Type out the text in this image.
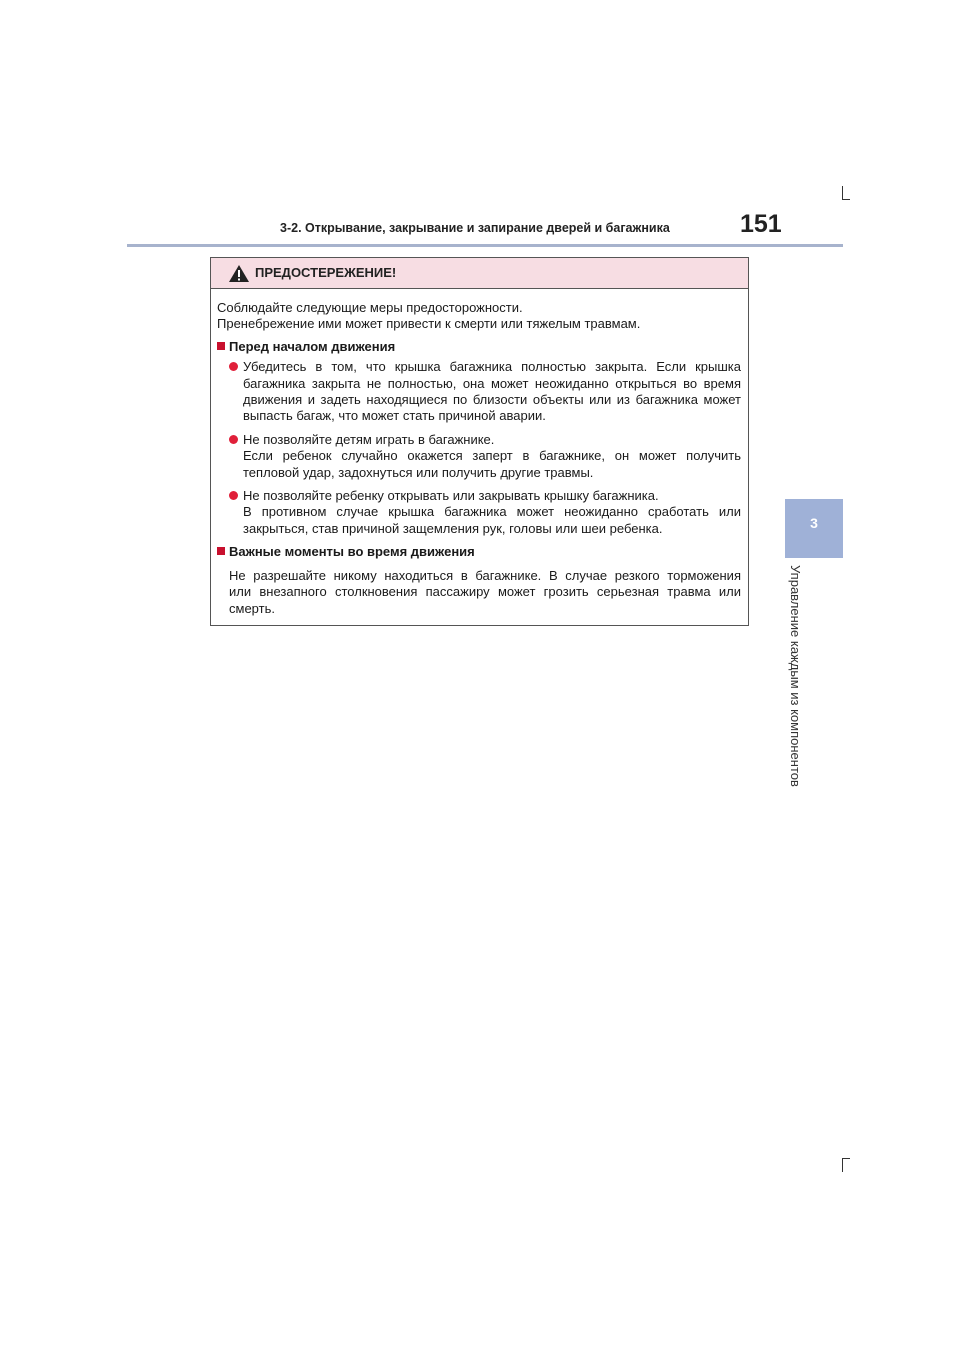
3-2. Открывание, закрывание и запирание дверей и багажника	151
3
Управление каждым из компонентов
ПРЕДОСТЕРЕЖЕНИЕ!

Соблюдайте следующие меры предосторожности.

Пренебрежение ими может привести к смерти или тяжелым травмам.

Перед началом движения
Убедитесь в том, что крышка багажника полностью закрыта. Если крышка
багажника закрыта не полностью, она может неожиданно открыться во время
движения и задеть находящиеся по близости объекты или из багажника может
выпасть багаж, что может стать причиной аварии.
Не позволяйте детям играть в багажнике.
Если ребенок случайно окажется заперт в багажнике, он может получить
тепловой удар, задохнуться или получить другие травмы.
Не позволяйте ребенку открывать или закрывать крышку багажника.
В противном случае крышка багажника может неожиданно сработать или
закрыться, став причиной защемления рук, головы или шеи ребенка.
Важные моменты во время движения
Не разрешайте никому находиться в багажнике. В случае резкого торможения
или внезапного столкновения пассажиру может грозить серьезная травма или
смерть.
